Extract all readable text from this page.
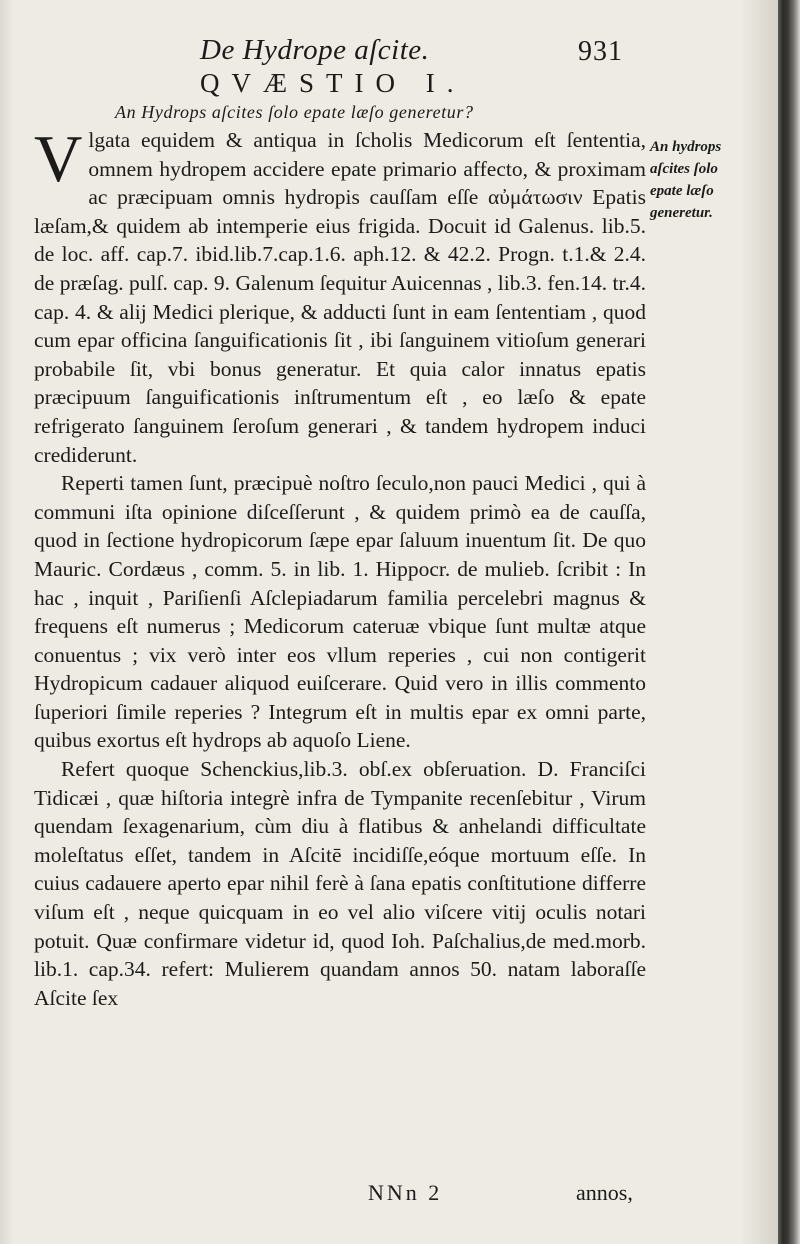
De Hydrope aſcite.	931
QVÆSTIO I.
An Hydrops aſcites ſolo epate læſo generetur?

V lgata equidem & antiqua in ſcholis Medicorum eſt ſententia, omnem hydropem accidere epate primario affecto, & proximam ac præcipuam omnis hydropis cauſſam eſſe αὐμάτωσιν Epatis læſam,& quidem ab intemperie eius frigida. Docuit id Galenus. lib.5. de loc. aff. cap.7. ibid.lib.7.cap.1.6. aph.12. & 42.2. Progn. t.1.& 2.4. de præſag. pulſ. cap. 9. Galenum ſequitur Auicennas , lib.3. fen.14. tr.4. cap. 4. & alij Medici plerique, & adducti ſunt in eam ſententiam , quod cum epar officina ſanguificationis ſit , ibi ſanguinem vitioſum generari probabile ſit, vbi bonus generatur. Et quia calor innatus epatis præcipuum ſanguificationis inſtrumentum eſt , eo læſo & epate refrigerato ſanguinem ſeroſum generari , & tandem hydropem induci crediderunt.

Reperti tamen ſunt, præcipuè noſtro ſeculo,non pauci Medici , qui à communi iſta opinione diſceſſerunt , & quidem primò ea de cauſſa, quod in ſectione hydropicorum ſæpe epar ſaluum inuentum ſit. De quo Mauric. Cordæus , comm. 5. in lib. 1. Hippocr. de mulieb. ſcribit : In hac , inquit , Pariſienſi Aſclepiadarum familia percelebri magnus & frequens eſt numerus ; Medicorum cateruæ vbique ſunt multæ atque conuentus ; vix verò inter eos vllum reperies , cui non contigerit Hydropicum cadauer aliquod euiſcerare. Quid vero in illis commento ſuperiori ſimile reperies ? Integrum eſt in multis epar ex omni parte, quibus exortus eſt hydrops ab aquoſo Liene.

Refert quoque Schenckius,lib.3. obſ.ex obſeruation. D. Franciſci Tidicæi , quæ hiſtoria integrè infra de Tympanite recenſebitur , Virum quendam ſexagenarium, cùm diu à flatibus & anhelandi difficultate moleſtatus eſſet, tandem in Aſcitē incidiſſe,eóque mortuum eſſe. In cuius cadauere aperto epar nihil ferè à ſana epatis conſtitutione differre viſum eſt , neque quicquam in eo vel alio viſcere vitij oculis notari potuit. Quæ confirmare videtur id, quod Ioh. Paſchalius,de med.morb. lib.1. cap.34. refert: Mulierem quandam annos 50. natam laboraſſe Aſcite ſex

An hydrops aſcites ſolo epate læſo generetur.
NNn 2	annos,
